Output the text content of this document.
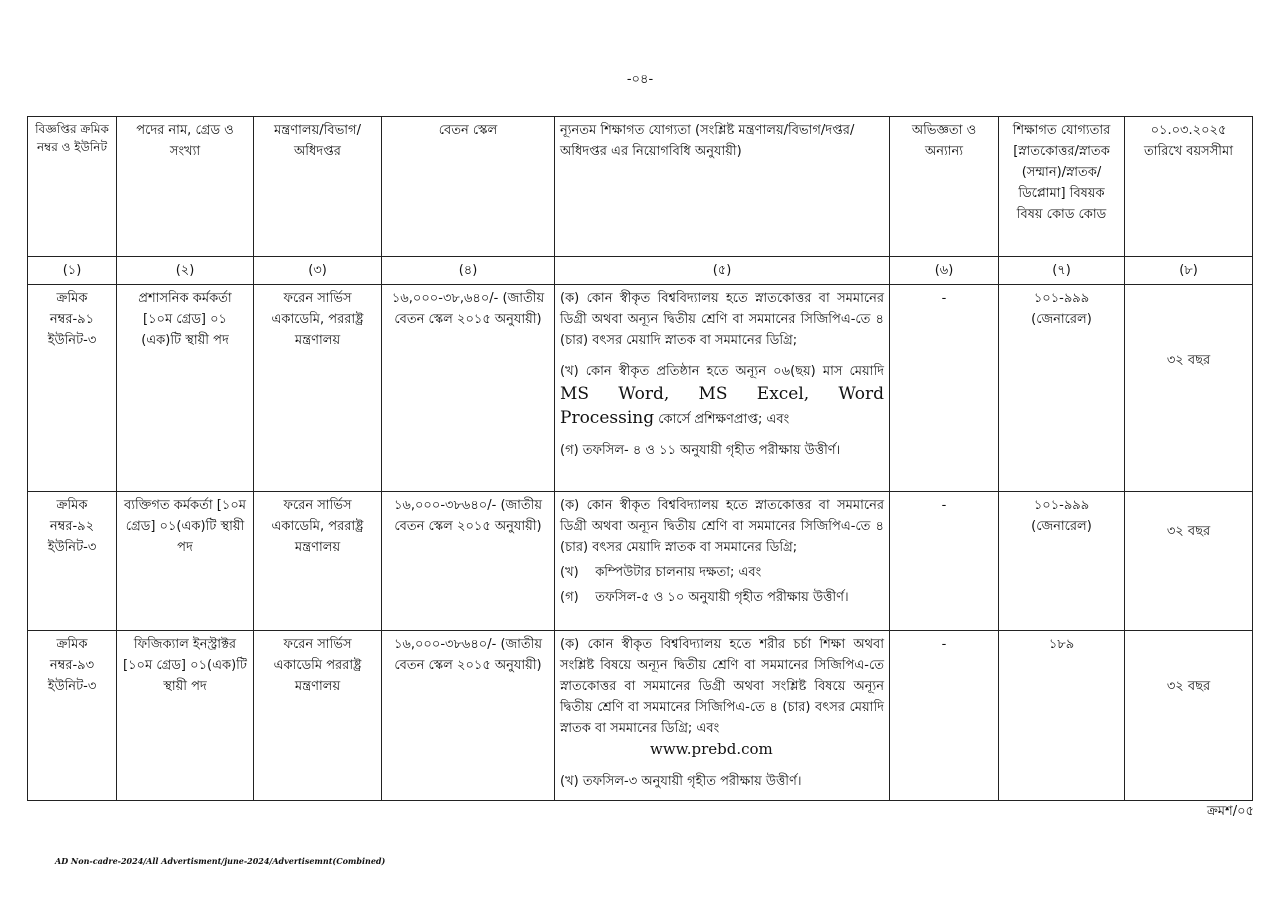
-০৪-
বিজ্ঞপ্তির ক্রমিক নম্বর ও ইউনিট	পদের নাম, গ্রেড ও সংখ্যা	মন্ত্রণালয়/বিভাগ/ অধিদপ্তর	বেতন স্কেল	ন্যূনতম শিক্ষাগত যোগ্যতা (সংশ্লিষ্ট মন্ত্রণালয়/বিভাগ/দপ্তর/অধিদপ্তর এর নিয়োগবিধি অনুযায়ী)	অভিজ্ঞতা ও অন্যান্য	শিক্ষাগত যোগ্যতার [স্নাতকোত্তর/স্নাতক (সম্মান)/স্নাতক/ ডিপ্লোমা] বিষয়ক বিষয় কোড কোড	০১.০৩.২০২৫ তারিখে বয়সসীমা
(১)	(২)	(৩)	(৪)	(৫)	(৬)	(৭)	(৮)
ক্রমিক নম্বর-৯১ ইউনিট-৩	প্রশাসনিক কর্মকর্তা [১০ম গ্রেড] ০১ (এক)টি স্থায়ী পদ	ফরেন সার্ভিস একাডেমি, পররাষ্ট্র মন্ত্রণালয়	১৬,০০০-৩৮,৬৪০/- (জাতীয় বেতন স্কেল ২০১৫ অনুযায়ী)	(ক) কোন স্বীকৃত বিশ্ববিদ্যালয় হতে স্নাতকোত্তর বা সমমানের ডিগ্রী অথবা অন্যূন দ্বিতীয় শ্রেণি বা সমমানের সিজিপিএ-তে ৪ (চার) বৎসর মেয়াদি স্নাতক বা সমমানের ডিগ্রি;

(খ) কোন স্বীকৃত প্রতিষ্ঠান হতে অন্যূন ০৬(ছয়) মাস মেয়াদি MS Word, MS Excel, Word Processing কোর্সে প্রশিক্ষণপ্রাপ্ত; এবং

(গ) তফসিল- ৪ ও ১১ অনুযায়ী গৃহীত পরীক্ষায় উত্তীর্ণ।	-	১০১-৯৯৯ (জেনারেল)	৩২ বছর

ক্রমিক নম্বর-৯২ ইউনিট-৩	ব্যক্তিগত কর্মকর্তা [১০ম গ্রেড] ০১(এক)টি স্থায়ী পদ	ফরেন সার্ভিস একাডেমি, পররাষ্ট্র মন্ত্রণালয়	১৬,০০০-৩৮৬৪০/- (জাতীয় বেতন স্কেল ২০১৫ অনুযায়ী)	(ক) কোন স্বীকৃত বিশ্ববিদ্যালয় হতে স্নাতকোত্তর বা সমমানের ডিগ্রী অথবা অন্যূন দ্বিতীয় শ্রেণি বা সমমানের সিজিপিএ-তে ৪ (চার) বৎসর মেয়াদি স্নাতক বা সমমানের ডিগ্রি;

(খ)    কম্পিউটার চালনায় দক্ষতা; এবং

(গ)    তফসিল-৫ ও ১০ অনুযায়ী গৃহীত পরীক্ষায় উত্তীর্ণ।	-	১০১-৯৯৯ (জেনারেল)	৩২ বছর

ক্রমিক নম্বর-৯৩ ইউনিট-৩	ফিজিক্যাল ইনস্ট্রাক্টর [১০ম গ্রেড] ০১(এক)টি স্থায়ী পদ	ফরেন সার্ভিস একাডেমি পররাষ্ট্র মন্ত্রণালয়	১৬,০০০-৩৮৬৪০/- (জাতীয় বেতন স্কেল ২০১৫ অনুযায়ী)	(ক) কোন স্বীকৃত বিশ্ববিদ্যালয় হতে শরীর চর্চা শিক্ষা অথবা সংশ্লিষ্ট বিষয়ে অন্যূন দ্বিতীয় শ্রেণি বা সমমানের সিজিপিএ-তে স্নাতকোত্তর বা সমমানের ডিগ্রী অথবা সংশ্লিষ্ট বিষয়ে অন্যূন দ্বিতীয় শ্রেণি বা সমমানের সিজিপিএ-তে ৪ (চার) বৎসর মেয়াদি স্নাতক বা সমমানের ডিগ্রি; এবং
www.prebd.com

(খ) তফসিল-৩ অনুযায়ী গৃহীত পরীক্ষায় উত্তীর্ণ।	-	১৮৯	৩২ বছর
ক্রমশ/০৫
AD Non-cadre-2024/All Advertisment/june-2024/Advertisemnt(Combined)
